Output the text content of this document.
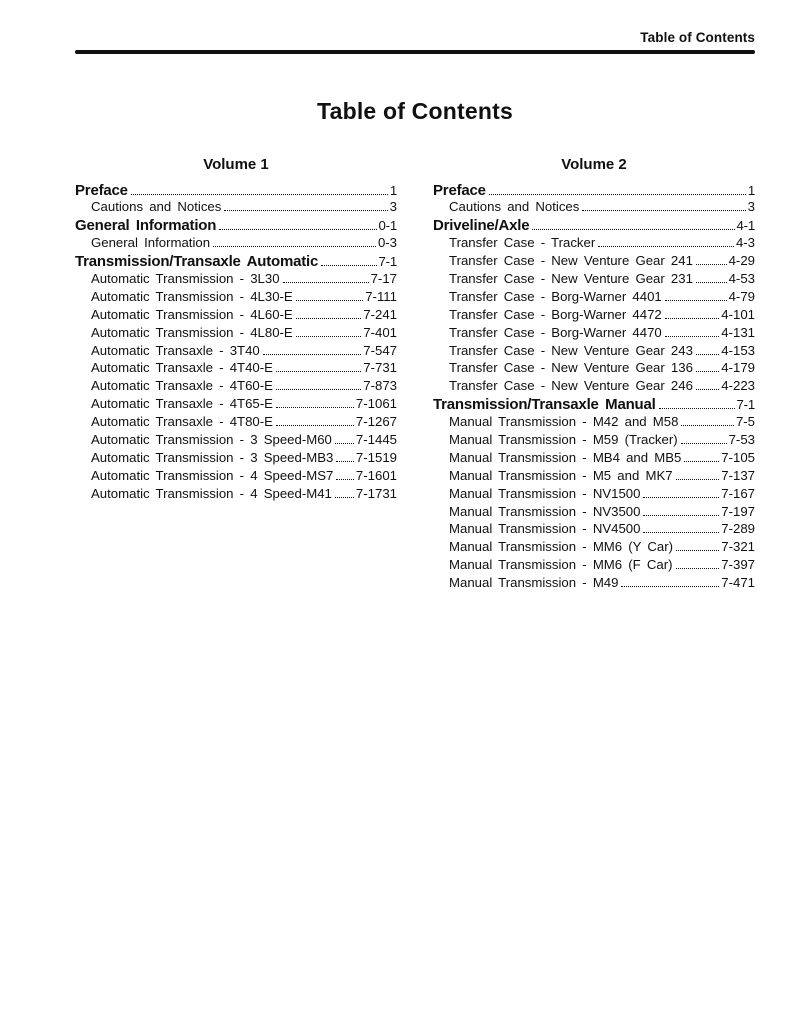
Table of Contents
Table of Contents
Volume 1
Preface	1
Cautions and Notices	3
General Information	0-1
General Information	0-3
Transmission/Transaxle Automatic	7-1
Automatic Transmission - 3L30	7-17
Automatic Transmission - 4L30-E	7-111
Automatic Transmission - 4L60-E	7-241
Automatic Transmission - 4L80-E	7-401
Automatic Transaxle - 3T40	7-547
Automatic Transaxle - 4T40-E	7-731
Automatic Transaxle - 4T60-E	7-873
Automatic Transaxle - 4T65-E	7-1061
Automatic Transaxle - 4T80-E	7-1267
Automatic Transmission - 3 Speed-M60 7-1445
Automatic Transmission - 3 Speed-MB3 7-1519
Automatic Transmission - 4 Speed-MS7 7-1601
Automatic Transmission - 4 Speed-M41 7-1731
Volume 2
Preface	1
Cautions and Notices	3
Driveline/Axle	4-1
Transfer Case - Tracker	4-3
Transfer Case - New Venture Gear 241	4-29
Transfer Case - New Venture Gear 231	4-53
Transfer Case - Borg-Warner 4401	4-79
Transfer Case - Borg-Warner 4472	4-101
Transfer Case - Borg-Warner 4470	4-131
Transfer Case - New Venture Gear 243 4-153
Transfer Case - New Venture Gear 136 4-179
Transfer Case - New Venture Gear 246 4-223
Transmission/Transaxle Manual	7-1
Manual Transmission - M42 and M58	7-5
Manual Transmission - M59 (Tracker)	7-53
Manual Transmission - MB4 and MB5	7-105
Manual Transmission - M5 and MK7	7-137
Manual Transmission - NV1500	7-167
Manual Transmission - NV3500	7-197
Manual Transmission - NV4500	7-289
Manual Transmission - MM6 (Y Car)	7-321
Manual Transmission - MM6 (F Car)	7-397
Manual Transmission - M49	7-471
